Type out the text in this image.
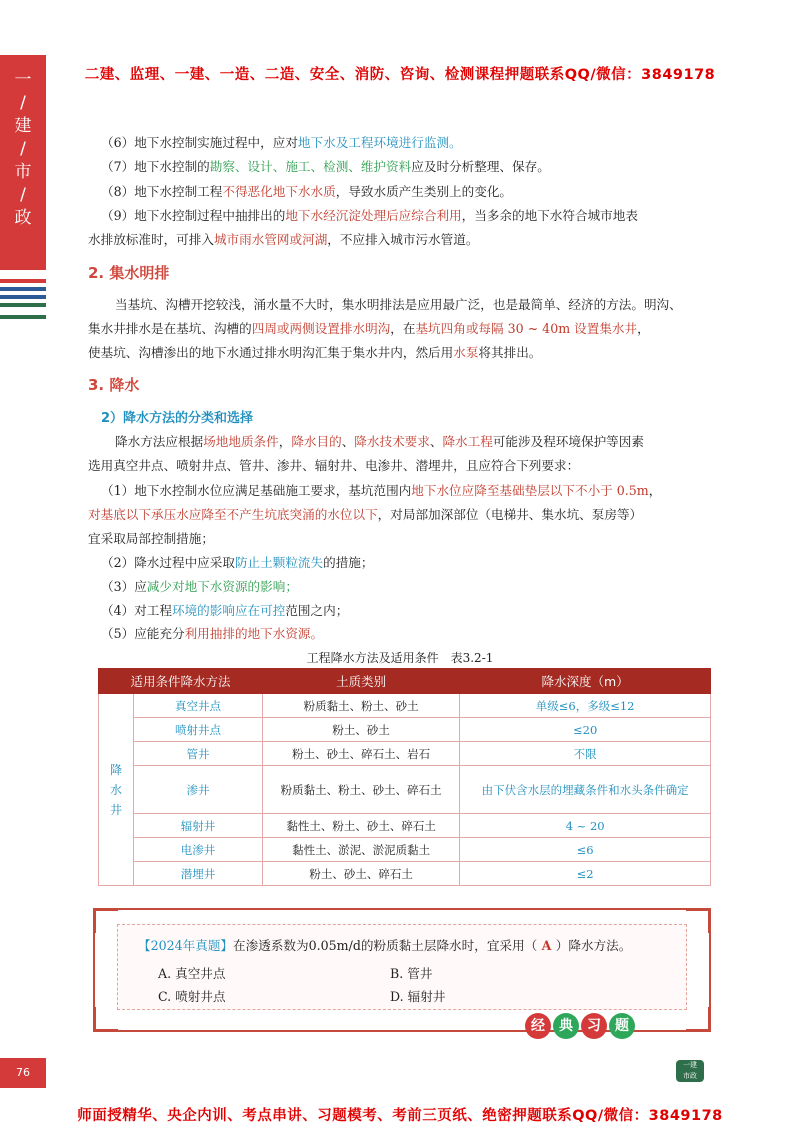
二建、监理、一建、一造、二造、安全、消防、咨询、检测课程押题联系QQ/微信：3849178
一
/
建
/
市
/
政
（6）地下水控制实施过程中，应对地下水及工程环境进行监测。
（7）地下水控制的勘察、设计、施工、检测、维护资料应及时分析整理、保存。
（8）地下水控制工程不得恶化地下水水质，导致水质产生类别上的变化。
（9）地下水控制过程中抽排出的地下水经沉淀处理后应综合利用，当多余的地下水符合城市地表
水排放标准时，可排入城市雨水管网或河湖，不应排入城市污水管道。
2. 集水明排
当基坑、沟槽开挖较浅，涌水量不大时，集水明排法是应用最广泛，也是最简单、经济的方法。明沟、
集水井排水是在基坑、沟槽的四周或两侧设置排水明沟，在基坑四角或每隔 30 ~ 40m 设置集水井，
使基坑、沟槽渗出的地下水通过排水明沟汇集于集水井内，然后用水泵将其排出。
3. 降水
2）降水方法的分类和选择
降水方法应根据场地地质条件，降水目的、降水技术要求、降水工程可能涉及程环境保护等因素
选用真空井点、喷射井点、管井、渗井、辐射井、电渗井、潜埋井，且应符合下列要求：
（1）地下水控制水位应满足基础施工要求，基坑范围内地下水位应降至基础垫层以下不小于 0.5m，
对基底以下承压水应降至不产生坑底突涌的水位以下，对局部加深部位（电梯井、集水坑、泵房等）
宜采取局部控制措施；
（2）降水过程中应采取防止土颗粒流失的措施；
（3）应减少对地下水资源的影响；
（4）对工程环境的影响应在可控范围之内；
（5）应能充分利用抽排的地下水资源。
工程降水方法及适用条件　表3.2-1
适用条件降水方法		土质类别	降水深度（m）
降
水
井	真空井点	粉质黏土、粉土、砂土	单级≤6，多级≤12
	喷射井点	粉土、砂土	≤20
	管井	粉土、砂土、碎石土、岩石	不限
	渗井	粉质黏土、粉土、砂土、碎石土	由下伏含水层的埋藏条件和水头条件确定
	辐射井	黏性土、粉土、砂土、碎石土	4 ~ 20
	电渗井	黏性土、淤泥、淤泥质黏土	≤6
	潜埋井	粉土、砂土、碎石土	≤2
【2024年真题】在渗透系数为0.05m/d的粉质黏土层降水时，宜采用（ A ）降水方法。
A. 真空井点	B. 管井
C. 喷射井点	D. 辐射井
经	典	习	题
76
一建
市政
师面授精华、央企内训、考点串讲、习题模考、考前三页纸、绝密押题联系QQ/微信：3849178
